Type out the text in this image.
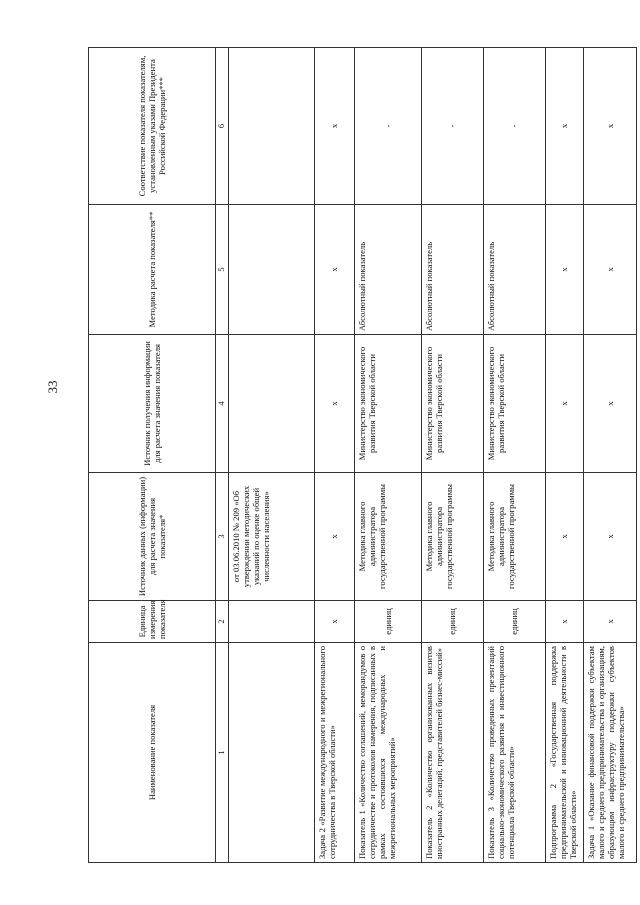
33
Наименование показателя	Единица измерения показателя	Источник данных (информации) для расчета значения показателя*	Источник получения информации для расчета значения показателя	Методика расчета показателя**	Соответствие показателя показателям, установленным указами Президента Российской Федерации***
1	2	3	4	5	6
		от 03.06.2010 № 209 «Об утверждении методических указаний по оценке общей численности населения»			
Задача 2 «Развитие международного и межрегионального сотрудничества в Тверской области»	х	х	х	х	х
Показатель 1 «Количество соглашений, меморандумов о сотрудничестве и протоколов намерения, подписанных в рамках состоявшихся международных и межрегиональных мероприятий»	единиц	Методика главного администратора государственной программы	Министерство экономического развития Тверской области	Абсолютный показатель	-
Показатель 2 «Количество организованных визитов иностранных делегаций, представителей бизнес-миссий»	единиц	Методика главного администратора государственной программы	Министерство экономического развития Тверской области	Абсолютный показатель	-
Показатель 3 «Количество проведенных презентаций социально-экономического развития и инвестиционного потенциала Тверской области»	единиц	Методика главного администратора государственной программы	Министерство экономического развития Тверской области	Абсолютный показатель	-
Подпрограмма 2 «Государственная поддержка предпринимательской и инновационной деятельности в Тверской области»	х	х	х	х	х
Задача 1 «Оказание финансовой поддержки субъектам малого и среднего предпринимательства и организациям, образующим инфраструктуру поддержки субъектов малого и среднего предпринимательства»	х	х	х	х	х
